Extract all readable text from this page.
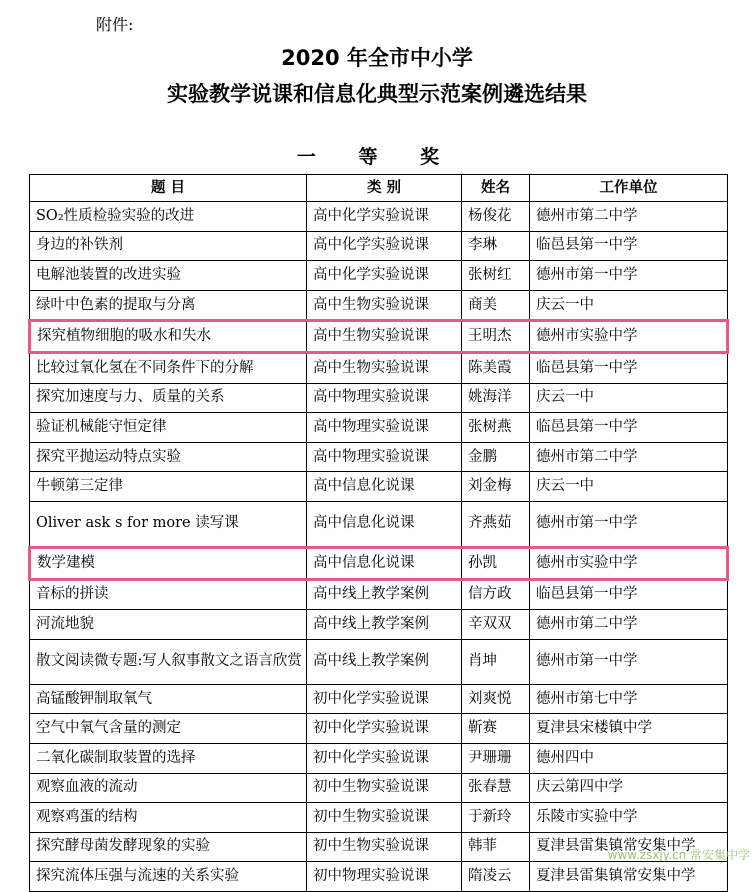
附件:
2020 年全市中小学
实验教学说课和信息化典型示范案例遴选结果
一 等 奖
题 目	类 别	姓名	工作单位
SO₂性质检验实验的改进	高中化学实验说课	杨俊花	德州市第二中学
身边的补铁剂	高中化学实验说课	李琳	临邑县第一中学
电解池装置的改进实验	高中化学实验说课	张树红	德州市第一中学
绿叶中色素的提取与分离	高中生物实验说课	商美	庆云一中
探究植物细胞的吸水和失水	高中生物实验说课	王明杰	德州市实验中学
比较过氧化氢在不同条件下的分解	高中生物实验说课	陈美霞	临邑县第一中学
探究加速度与力、质量的关系	高中物理实验说课	姚海洋	庆云一中
验证机械能守恒定律	高中物理实验说课	张树燕	临邑县第一中学
探究平抛运动特点实验	高中物理实验说课	金鹏	德州市第二中学
牛顿第三定律	高中信息化说课	刘金梅	庆云一中
Oliver ask s for more 读写课	高中信息化说课	齐燕茹	德州市第一中学
数学建模	高中信息化说课	孙凯	德州市实验中学
音标的拼读	高中线上教学案例	信方政	临邑县第一中学
河流地貌	高中线上教学案例	辛双双	德州市第二中学
散文阅读微专题:写人叙事散文之语言欣赏	高中线上教学案例	肖坤	德州市第一中学
高锰酸钾制取氧气	初中化学实验说课	刘爽悦	德州市第七中学
空气中氧气含量的测定	初中化学实验说课	靳赛	夏津县宋楼镇中学
二氧化碳制取装置的选择	初中化学实验说课	尹珊珊	德州四中
观察血液的流动	初中生物实验说课	张春慧	庆云第四中学
观察鸡蛋的结构	初中生物实验说课	于新玲	乐陵市实验中学
探究酵母菌发酵现象的实验	初中生物实验说课	韩菲	夏津县雷集镇常安集中学
探究流体压强与流速的关系实验	初中物理实验说课	隋凌云	夏津县雷集镇常安集中学
www.zsxjy.cn 常安集中学
